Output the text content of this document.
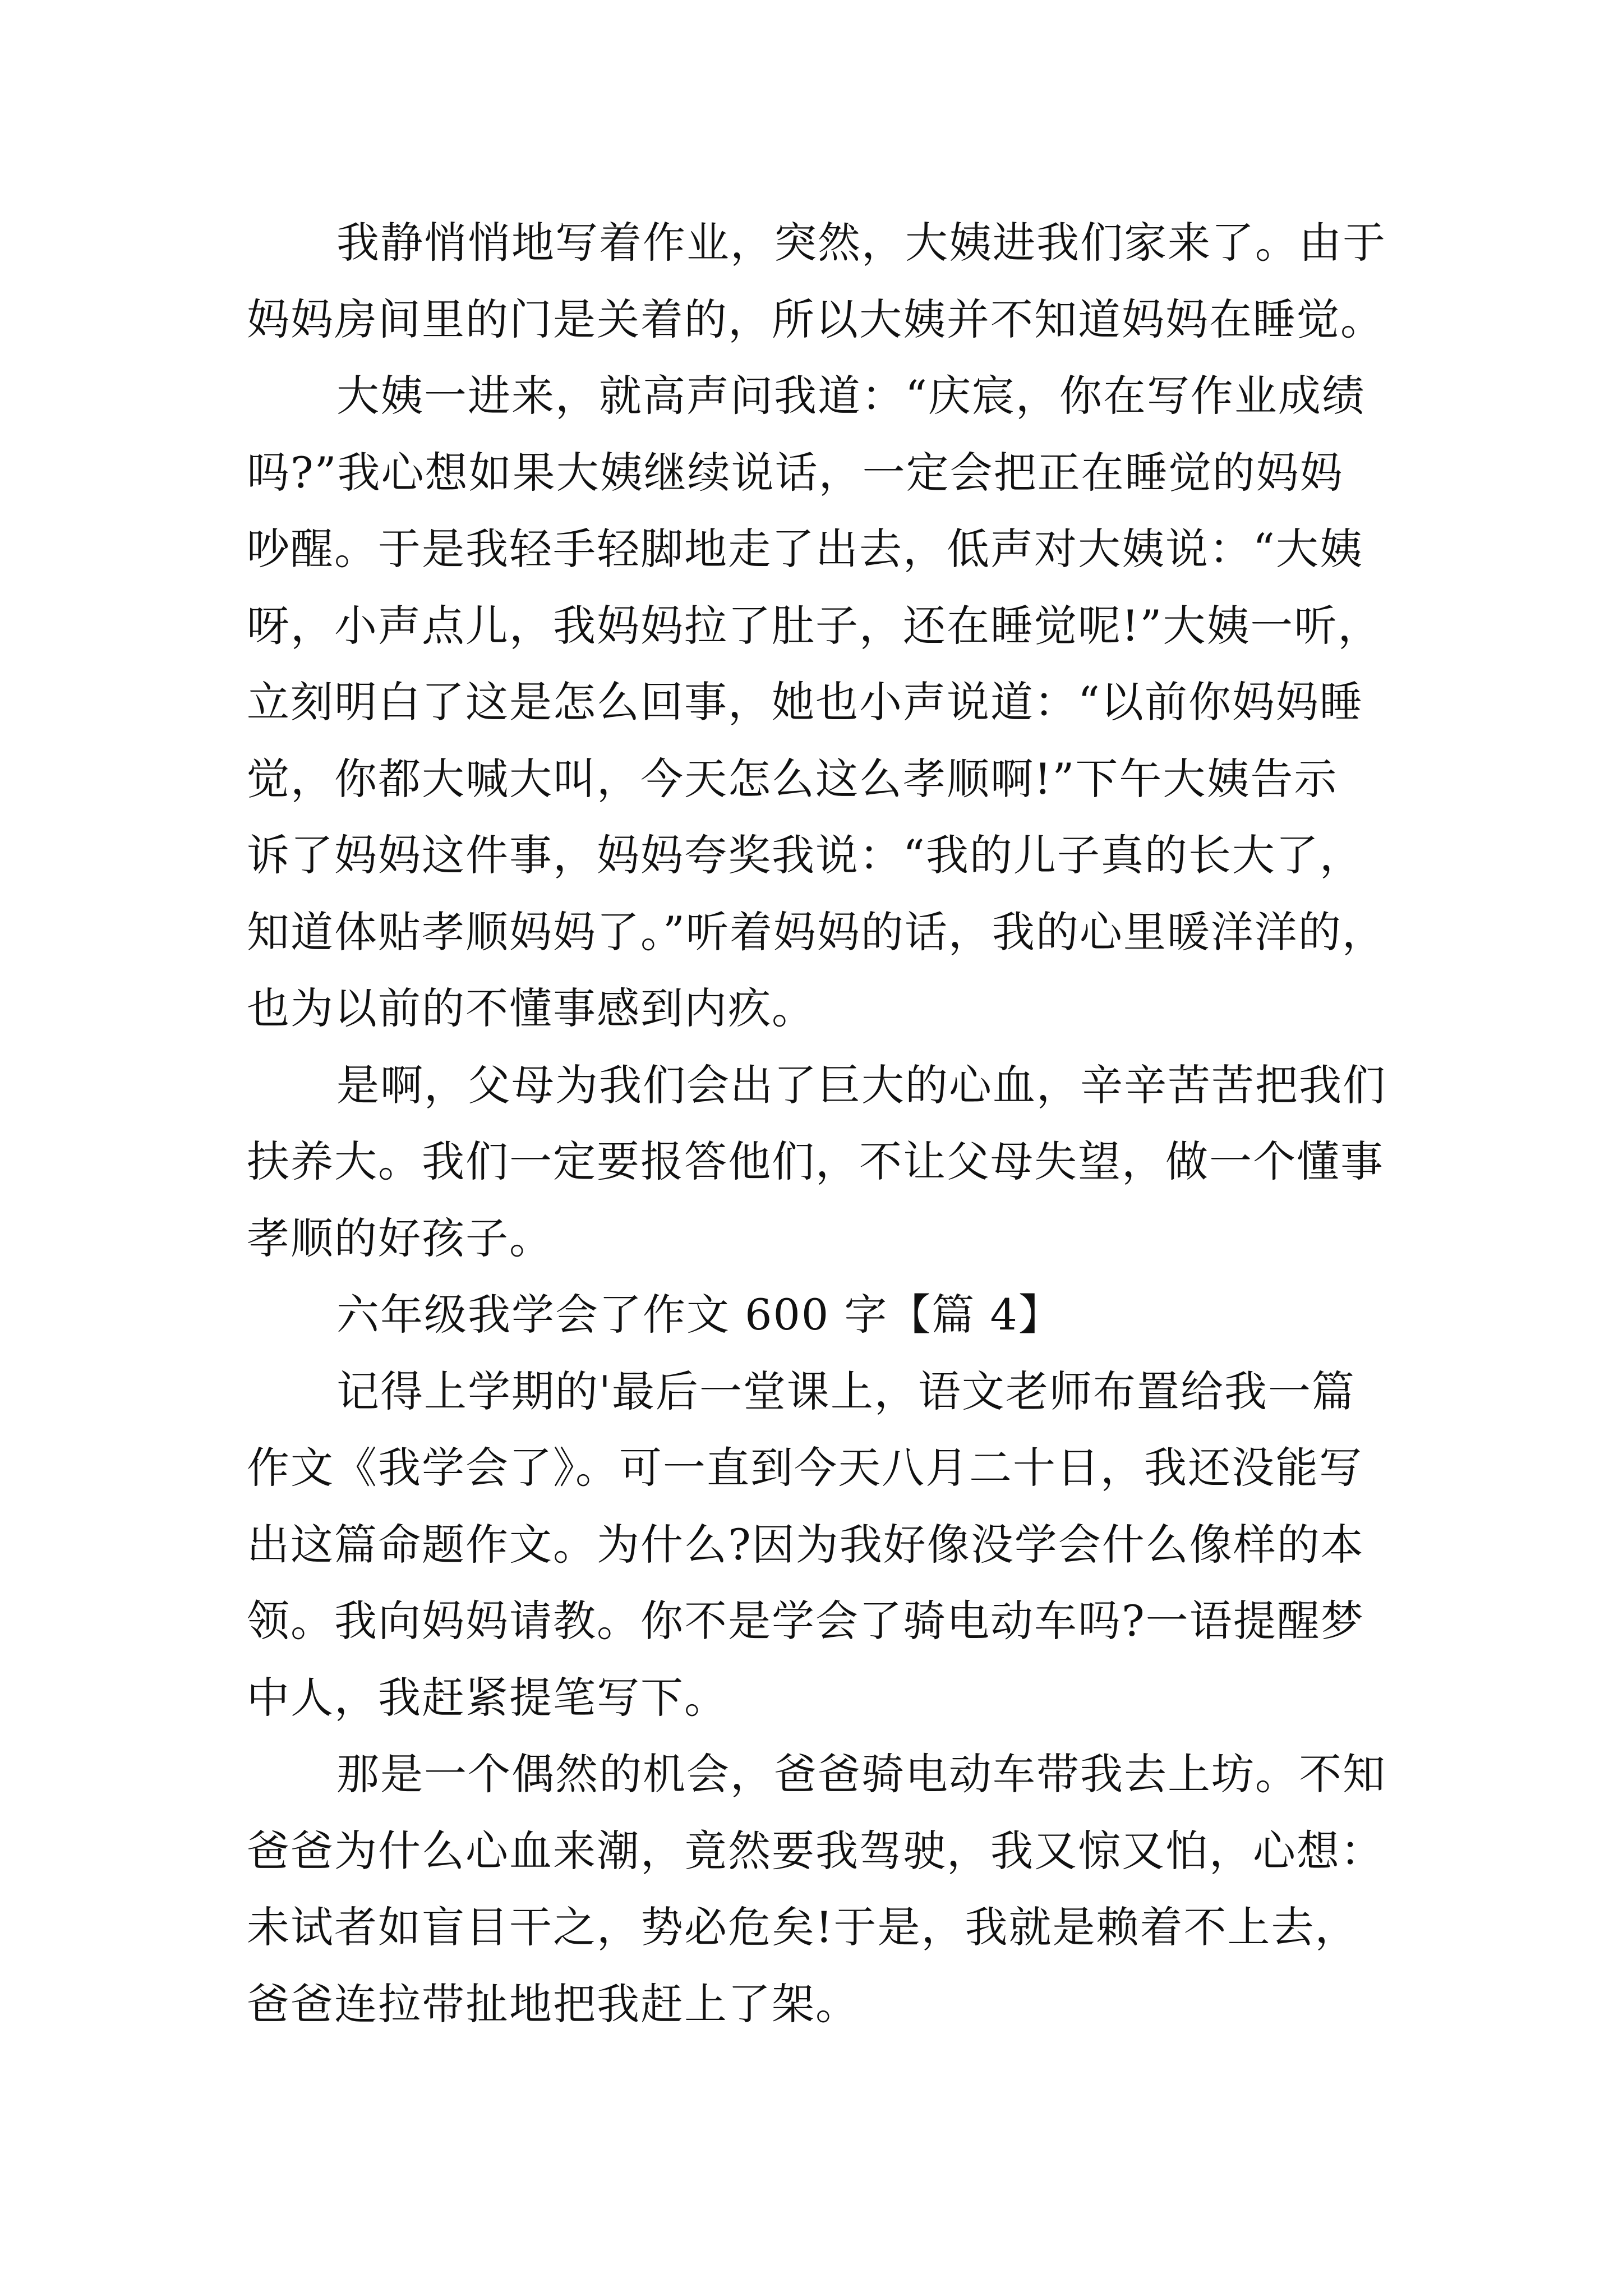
我静悄悄地写着作业，突然，大姨进我们家来了。由于
妈妈房间里的门是关着的，所以大姨并不知道妈妈在睡觉。
大姨一进来，就高声问我道：“庆宸，你在写作业成绩
吗?”我心想如果大姨继续说话，一定会把正在睡觉的妈妈
吵醒。于是我轻手轻脚地走了出去，低声对大姨说：“大姨
呀，小声点儿，我妈妈拉了肚子，还在睡觉呢!”大姨一听，
立刻明白了这是怎么回事，她也小声说道：“以前你妈妈睡
觉，你都大喊大叫，今天怎么这么孝顺啊!”下午大姨告示
诉了妈妈这件事，妈妈夸奖我说：“我的儿子真的长大了，
知道体贴孝顺妈妈了。”听着妈妈的话，我的心里暖洋洋的，
也为以前的不懂事感到内疚。
是啊，父母为我们会出了巨大的心血，辛辛苦苦把我们
扶养大。我们一定要报答他们，不让父母失望，做一个懂事
孝顺的好孩子。
六年级我学会了作文 600 字【篇 4】
记得上学期的'最后一堂课上，语文老师布置给我一篇
作文《我学会了》。可一直到今天八月二十日，我还没能写
出这篇命题作文。为什么?因为我好像没学会什么像样的本
领。我向妈妈请教。你不是学会了骑电动车吗?一语提醒梦
中人，我赶紧提笔写下。
那是一个偶然的机会，爸爸骑电动车带我去上坊。不知
爸爸为什么心血来潮，竟然要我驾驶，我又惊又怕，心想：
未试者如盲目干之，势必危矣!于是，我就是赖着不上去，
爸爸连拉带扯地把我赶上了架。
